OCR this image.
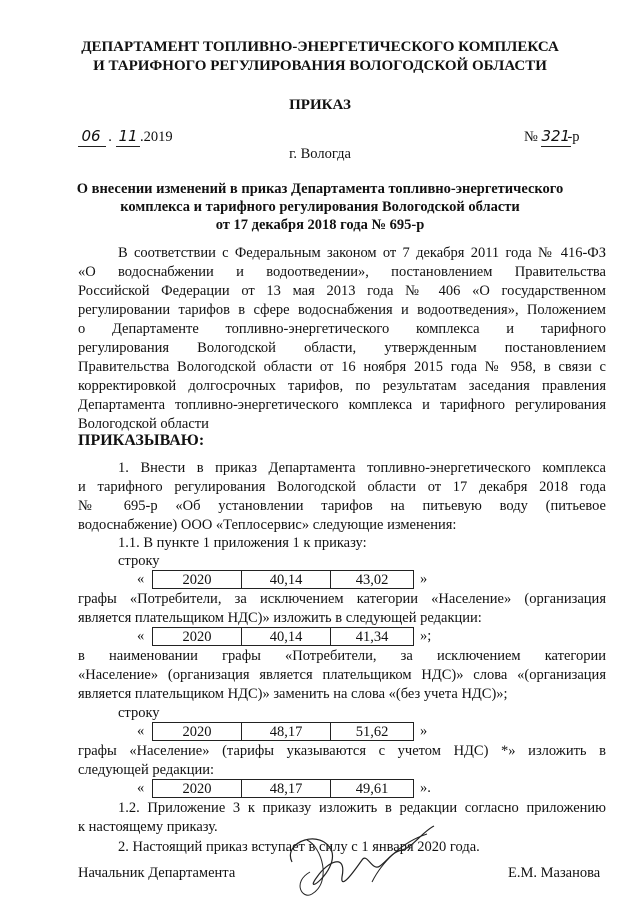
ДЕПАРТАМЕНТ ТОПЛИВНО-ЭНЕРГЕТИЧЕСКОГО КОМПЛЕКСА
И ТАРИФНОГО РЕГУЛИРОВАНИЯ ВОЛОГОДСКОЙ ОБЛАСТИ
ПРИКАЗ
06 . 11 .2019	№ 321-р
г. Вологда
О внесении изменений в приказ Департамента топливно-энергетического
комплекса и тарифного регулирования Вологодской области
от 17 декабря 2018 года № 695-р
В соответствии с Федеральным законом от 7 декабря 2011 года № 416-ФЗ
«О водоснабжении и водоотведении», постановлением Правительства
Российской Федерации от 13 мая 2013 года № 406 «О государственном
регулировании тарифов в сфере водоснабжения и водоотведения», Положением
о Департаменте топливно-энергетического комплекса и тарифного
регулирования Вологодской области, утвержденным постановлением
Правительства Вологодской области от 16 ноября 2015 года № 958, в связи с
корректировкой долгосрочных тарифов, по результатам заседания правления
Департамента топливно-энергетического комплекса и тарифного регулирования
Вологодской области
ПРИКАЗЫВАЮ:
1. Внести в приказ Департамента топливно-энергетического комплекса
и тарифного регулирования Вологодской области от 17 декабря 2018 года
№ 695-р «Об установлении тарифов на питьевую воду (питьевое
водоснабжение) ООО «Теплосервис» следующие изменения:
1.1. В пункте 1 приложения 1 к приказу:
строку
«	2020	40,14	43,02 »
графы «Потребители, за исключением категории «Население» (организация
является плательщиком НДС)» изложить в следующей редакции:
«	2020	40,14	41,34 »;
в наименовании графы «Потребители, за исключением категории
«Население» (организация является плательщиком НДС)» слова «(организация
является плательщиком НДС)» заменить на слова «(без учета НДС)»;
строку
«	2020	48,17	51,62 »
графы «Население» (тарифы указываются с учетом НДС) *» изложить в
следующей редакции:
«	2020	48,17	49,61 ».
1.2. Приложение 3 к приказу изложить в редакции согласно приложению
к настоящему приказу.
2. Настоящий приказ вступает в силу с 1 января 2020 года.
Начальник Департамента	Е.М. Мазанова
